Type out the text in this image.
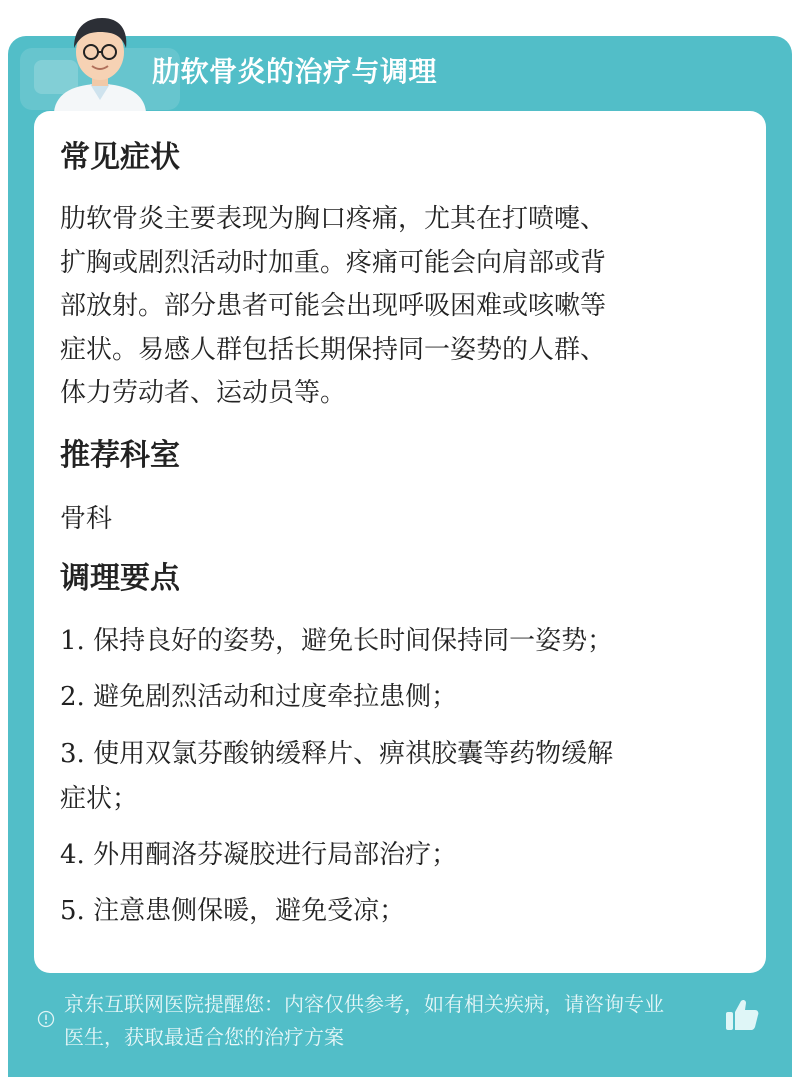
肋软骨炎的治疗与调理
常见症状
肋软骨炎主要表现为胸口疼痛，尤其在打喷嚏、
扩胸或剧烈活动时加重。疼痛可能会向肩部或背
部放射。部分患者可能会出现呼吸困难或咳嗽等
症状。易感人群包括长期保持同一姿势的人群、
体力劳动者、运动员等。
推荐科室
骨科
调理要点
1. 保持良好的姿势，避免长时间保持同一姿势；
2. 避免剧烈活动和过度牵拉患侧；
3. 使用双氯芬酸钠缓释片、痹祺胶囊等药物缓解
症状；
4. 外用酮洛芬凝胶进行局部治疗；
5. 注意患侧保暖，避免受凉；
京东互联网医院提醒您：内容仅供参考，如有相关疾病，请咨询专业
医生，获取最适合您的治疗方案
